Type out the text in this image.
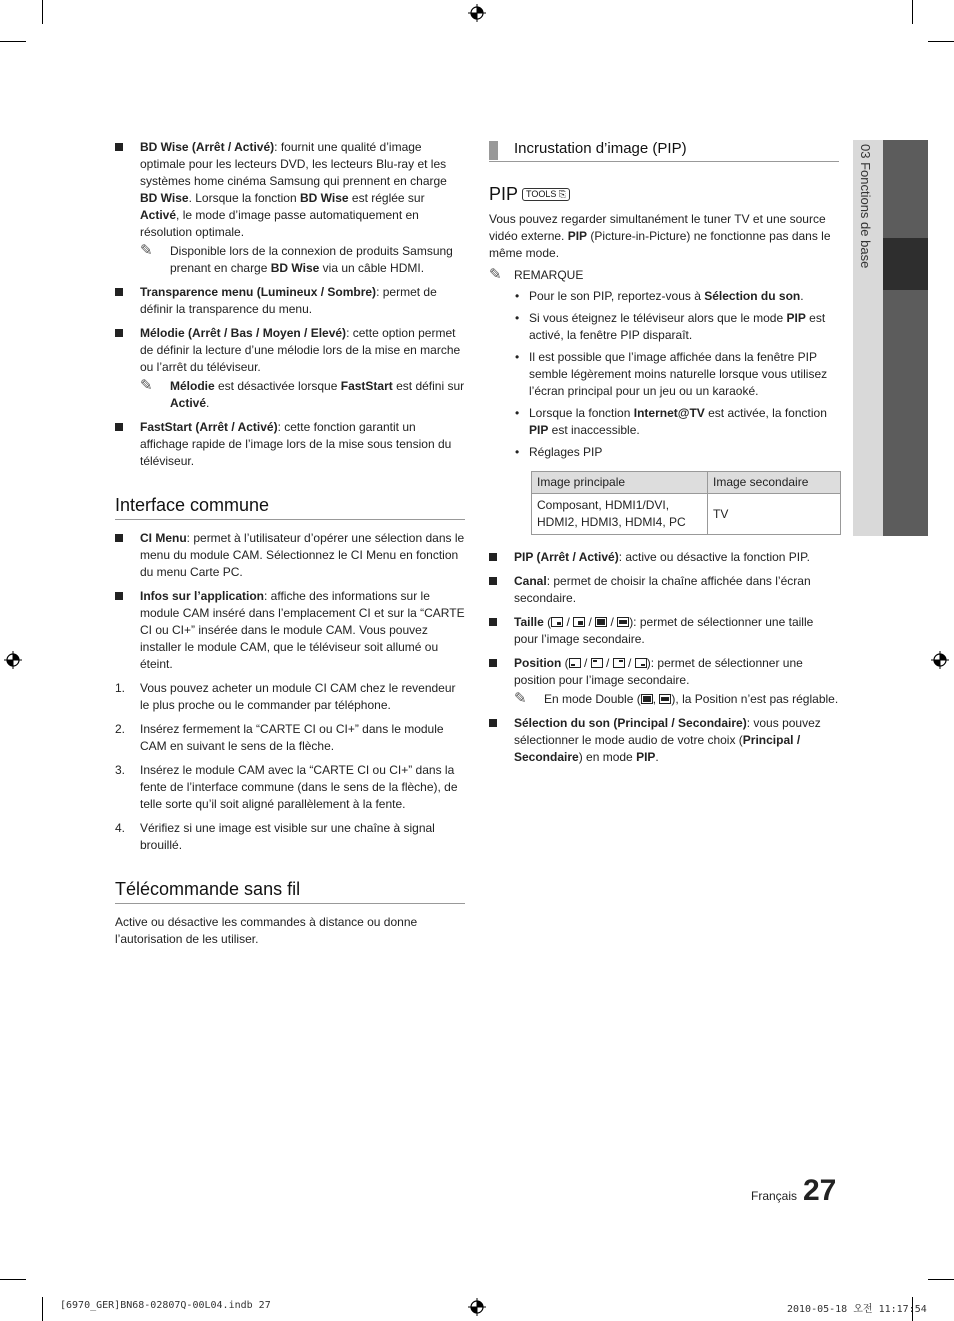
BD Wise (Arrêt / Activé): fournit une qualité d’image optimale pour les lecteurs DVD, les lecteurs Blu-ray et les systèmes home cinéma Samsung qui prennent en charge BD Wise. Lorsque la fonction BD Wise est réglée sur Activé, le mode d’image passe automatiquement en résolution optimale.
✎ Disponible lors de la connexion de produits Samsung prenant en charge BD Wise via un câble HDMI.
Transparence menu (Lumineux / Sombre): permet de définir la transparence du menu.
Mélodie (Arrêt / Bas / Moyen / Elevé): cette option permet de définir la lecture d’une mélodie lors de la mise en marche ou l’arrêt du téléviseur.
✎ Mélodie est désactivée lorsque FastStart est défini sur Activé.
FastStart (Arrêt / Activé): cette fonction garantit un affichage rapide de l’image lors de la mise sous tension du téléviseur.
Interface commune
CI Menu: permet à l’utilisateur d’opérer une sélection dans le menu du module CAM. Sélectionnez le CI Menu en fonction du menu Carte PC.
Infos sur l’application: affiche des informations sur le module CAM inséré dans l’emplacement CI et sur la “CARTE CI ou CI+” insérée dans le module CAM. Vous pouvez installer le module CAM, que le téléviseur soit allumé ou éteint.
1. Vous pouvez acheter un module CI CAM chez le revendeur le plus proche ou le commander par téléphone.
2. Insérez fermement la “CARTE CI ou CI+” dans le module CAM en suivant le sens de la flèche.
3. Insérez le module CAM avec la “CARTE CI ou CI+” dans la fente de l’interface commune (dans le sens de la flèche), de telle sorte qu’il soit aligné parallèlement à la fente.
4. Vérifiez si une image est visible sur une chaîne à signal brouillé.
Télécommande sans fil
Active ou désactive les commandes à distance ou donne l’autorisation de les utiliser.
Incrustation d’image (PIP)
PIP TOOLS ⎘
Vous pouvez regarder simultanément le tuner TV et une source vidéo externe. PIP (Picture-in-Picture) ne fonctionne pas dans le même mode.
✎ REMARQUE
• Pour le son PIP, reportez-vous à Sélection du son.
• Si vous éteignez le téléviseur alors que le mode PIP est activé, la fenêtre PIP disparaît.
• Il est possible que l’image affichée dans la fenêtre PIP semble légèrement moins naturelle lorsque vous utilisez l’écran principal pour un jeu ou un karaoké.
• Lorsque la fonction Internet@TV est activée, la fonction PIP est inaccessible.
• Réglages PIP
Image principale	Image secondaire
Composant, HDMI1/DVI, HDMI2, HDMI3, HDMI4, PC	TV
PIP (Arrêt / Activé): active ou désactive la fonction PIP.
Canal: permet de choisir la chaîne affichée dans l’écran secondaire.
Taille (
/
/
/
): permet de sélectionner une taille pour l’image secondaire.
Position (
/
/
/
): permet de sélectionner une position pour l’image secondaire.
✎ En mode Double ( ,
), la Position n’est pas réglable.
Sélection du son (Principal / Secondaire): vous pouvez sélectionner le mode audio de votre choix (Principal / Secondaire) en mode PIP.
03 Fonctions de base
Français 27
[6970_GER]BN68-02807Q-00L04.indb 27	2010-05-18 오전 11:17:54
